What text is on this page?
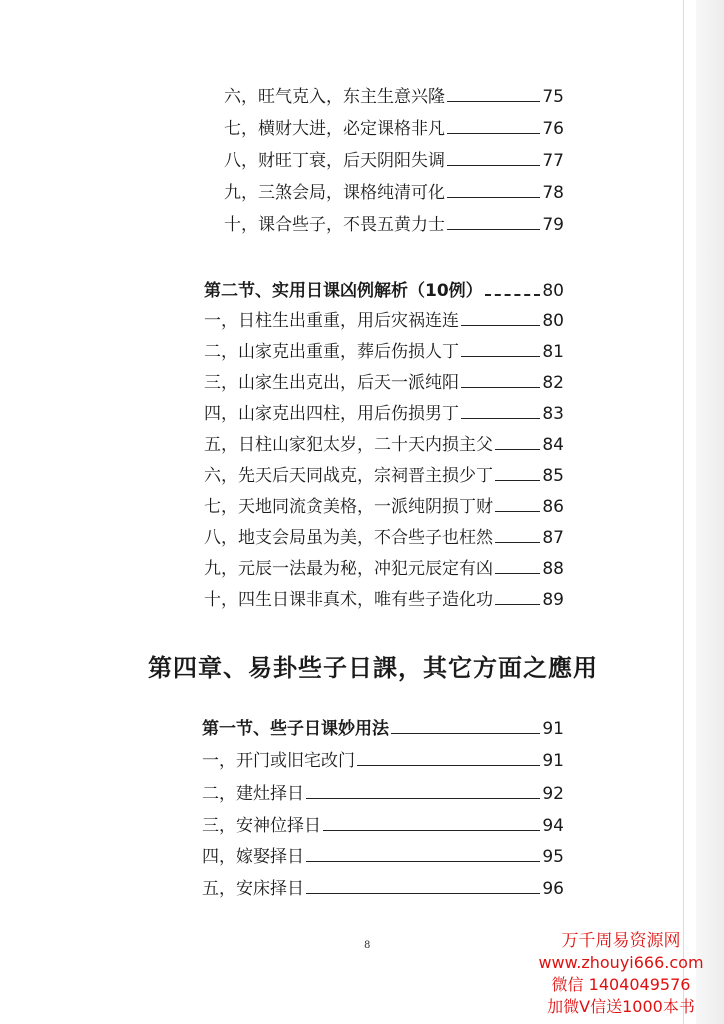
六，旺气克入，东主生意兴隆	75
七，横财大进，必定课格非凡	76
八，财旺丁衰，后天阴阳失调	77
九，三煞会局，课格纯清可化	78
十，课合些子，不畏五黄力士	79
第二节、实用日课凶例解析（10例）	80
一，日柱生出重重，用后灾祸连连	80
二，山家克出重重，葬后伤损人丁	81
三，山家生出克出，后天一派纯阳	82
四，山家克出四柱，用后伤损男丁	83
五，日柱山家犯太岁，二十天内损主父	84
六，先天后天同战克，宗祠晋主损少丁	85
七，天地同流贪美格，一派纯阴损丁财	86
八，地支会局虽为美，不合些子也枉然	87
九，元辰一法最为秘，冲犯元辰定有凶	88
十，四生日课非真术，唯有些子造化功	89
第四章、易卦些子日課，其它方面之應用
第一节、些子日课妙用法	91
一，开门或旧宅改门	91
二，建灶择日	92
三，安神位择日	94
四，嫁娶择日	95
五，安床择日	96
8	万千周易资源网
www.zhouyi666.com
微信 1404049576
加微V信送1000本书
